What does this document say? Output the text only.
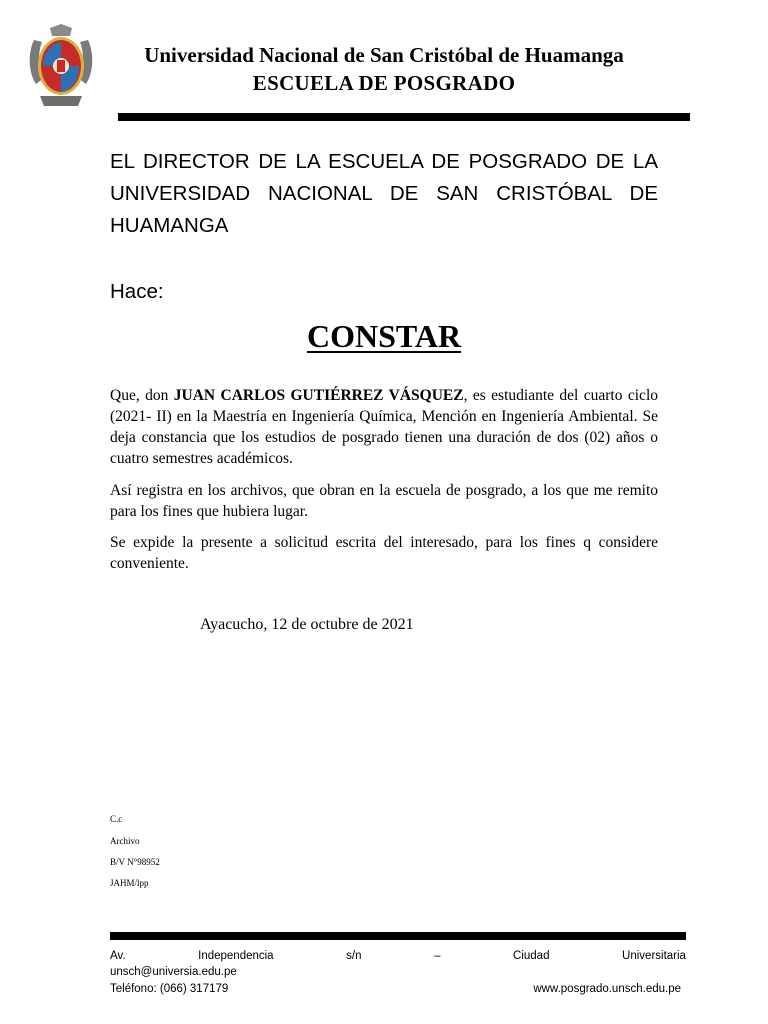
Universidad Nacional de San Cristóbal de Huamanga
ESCUELA DE POSGRADO
EL DIRECTOR DE LA ESCUELA DE POSGRADO DE LA UNIVERSIDAD NACIONAL DE SAN CRISTÓBAL DE HUAMANGA
Hace:
CONSTAR
Que, don JUAN CARLOS GUTIÉRREZ VÁSQUEZ, es estudiante del cuarto ciclo (2021- II) en la Maestría en Ingeniería Química, Mención en Ingeniería Ambiental. Se deja constancia que los estudios de posgrado tienen una duración de dos (02) años o cuatro semestres académicos.
Así registra en los archivos, que obran en la escuela de posgrado, a los que me remito para los fines que hubiera lugar.
Se expide la presente a solicitud escrita del interesado, para los fines q considere conveniente.
Ayacucho, 12 de octubre de 2021
C.c
Archivo
B/V N°98952
JAHM/lpp
Av.	Independencia	s/n	–	Ciudad	Universitaria
unsch@universia.edu.pe
Teléfono: (066) 317179	www.posgrado.unsch.edu.pe
